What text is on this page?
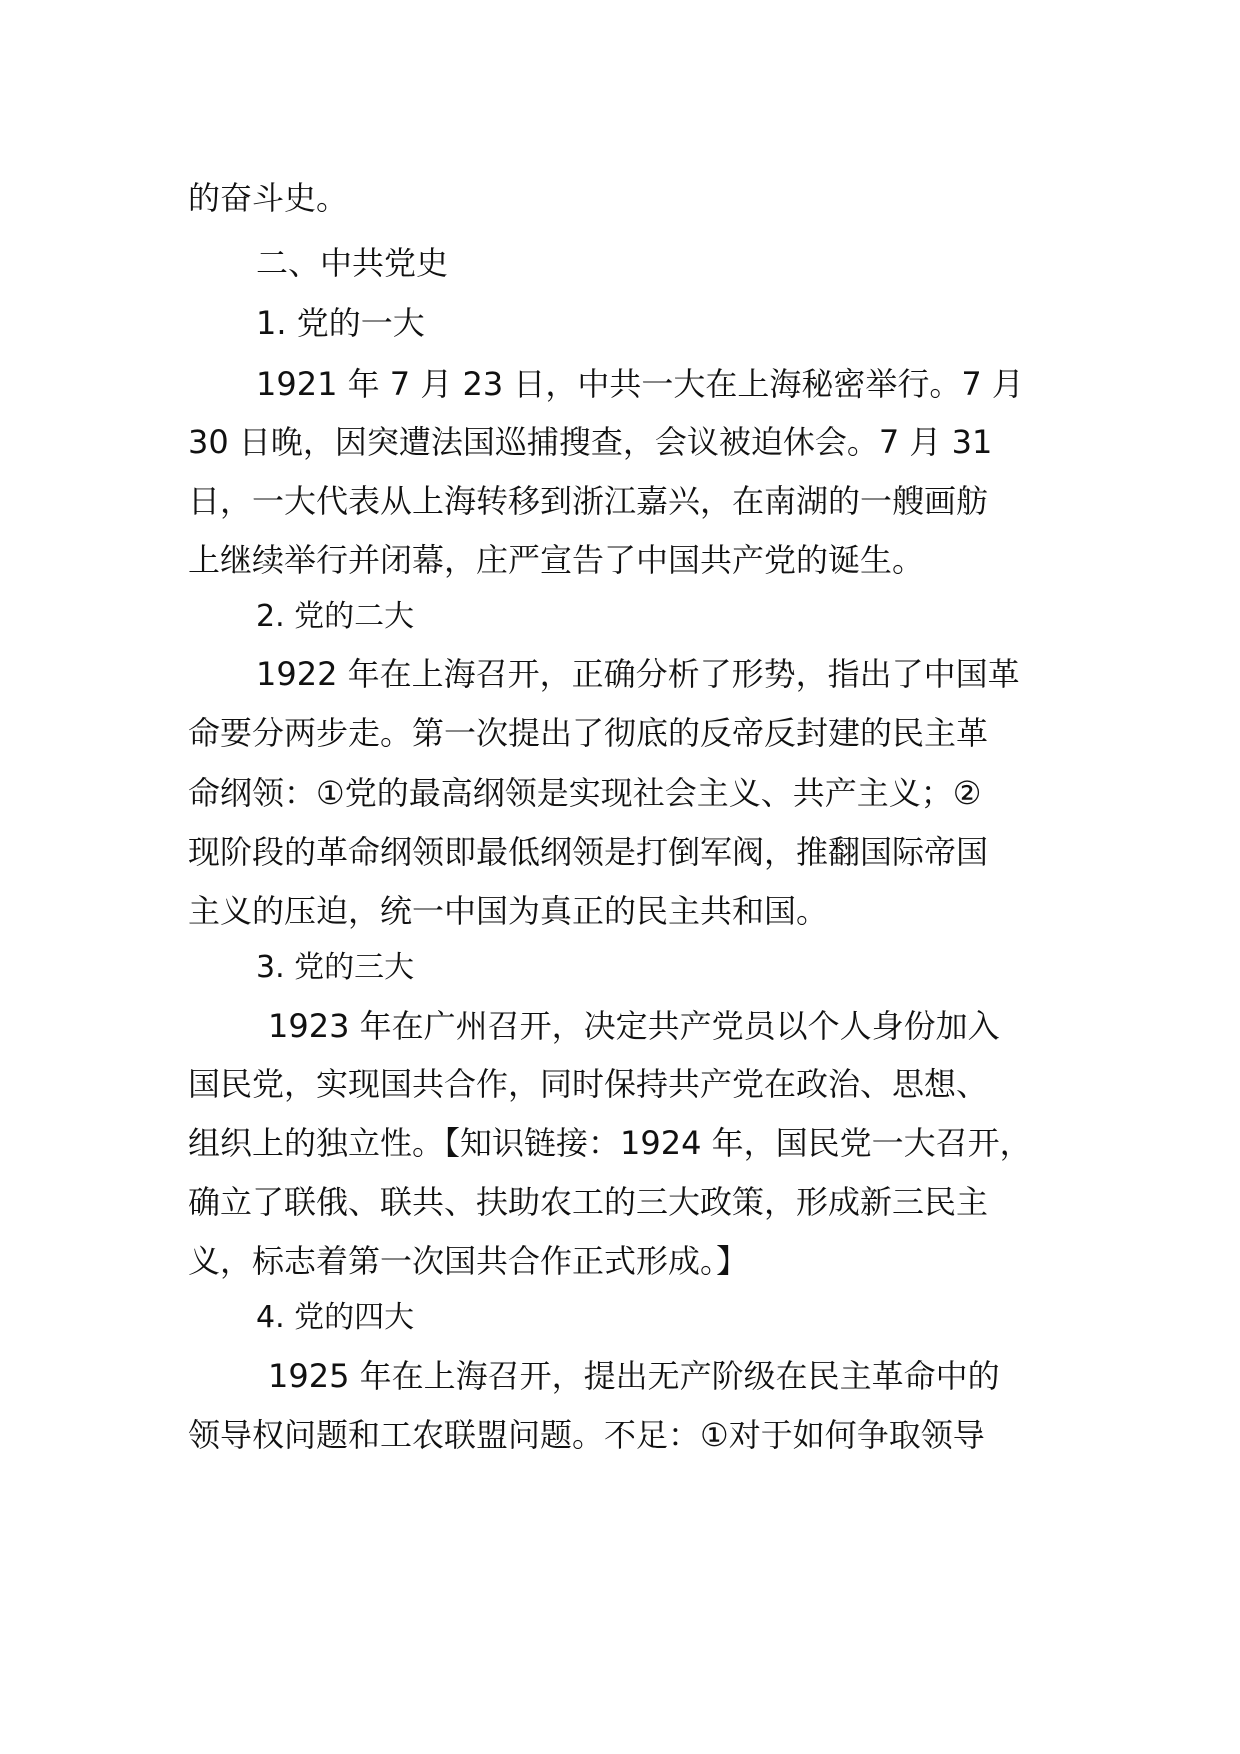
的奋斗史。
二、中共党史
1. 党的一大
1921 年 7 月 23 日，中共一大在上海秘密举行。7 月
30 日晚，因突遭法国巡捕搜查，会议被迫休会。7 月 31
日，一大代表从上海转移到浙江嘉兴，在南湖的一艘画舫
上继续举行并闭幕，庄严宣告了中国共产党的诞生。
2. 党的二大
1922 年在上海召开，正确分析了形势，指出了中国革
命要分两步走。第一次提出了彻底的反帝反封建的民主革
命纲领：①党的最高纲领是实现社会主义、共产主义；②
现阶段的革命纲领即最低纲领是打倒军阀，推翻国际帝国
主义的压迫，统一中国为真正的民主共和国。
3. 党的三大
1923 年在广州召开，决定共产党员以个人身份加入
国民党，实现国共合作，同时保持共产党在政治、思想、
组织上的独立性。【知识链接：1924 年，国民党一大召开，
确立了联俄、联共、扶助农工的三大政策，形成新三民主
义，标志着第一次国共合作正式形成。】
4. 党的四大
1925 年在上海召开，提出无产阶级在民主革命中的
领导权问题和工农联盟问题。不足：①对于如何争取领导
